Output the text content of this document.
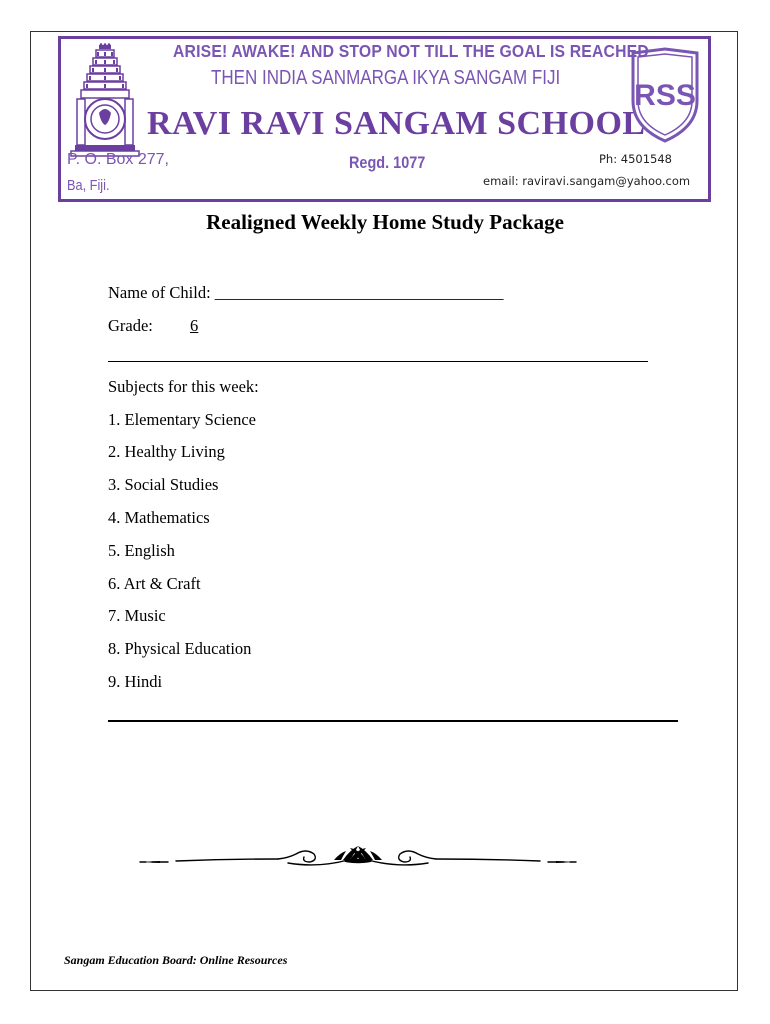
ARISE! AWAKE! AND STOP NOT TILL THE GOAL IS REACHED
THEN INDIA SANMARGA IKYA SANGAM FIJI
RAVI RAVI SANGAM SCHOOL
RSS
P. O. Box 277,
Ba, Fiji.
Regd. 1077	Ph: 4501548
email: raviravi.sangam@yahoo.com
Realigned Weekly Home Study Package
Name of Child: ___________________________________
Grade: 6
Subjects for this week:
1. Elementary Science
2. Healthy Living
3. Social Studies
4. Mathematics
5. English
6. Art & Craft
7. Music
8. Physical Education
9. Hindi
Sangam Education Board: Online Resources
